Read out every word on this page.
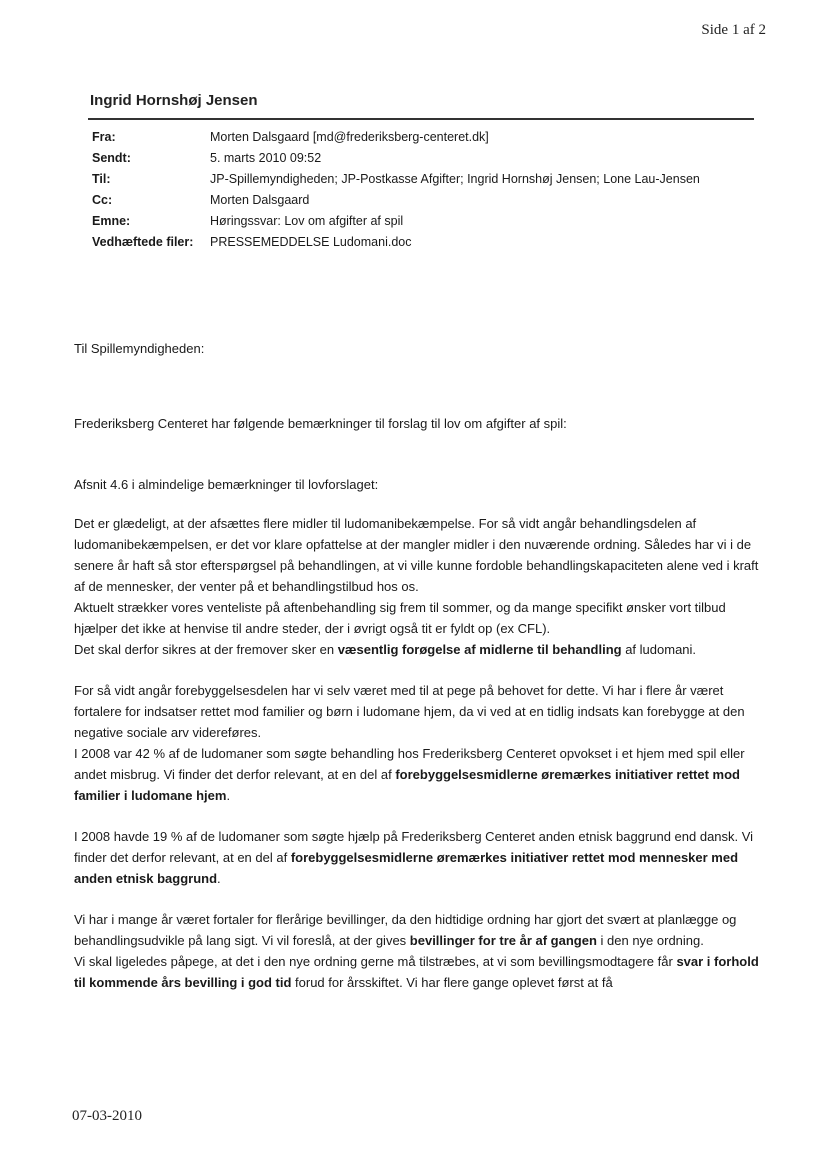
Side 1 af 2
Ingrid Hornshøj Jensen
Fra:	Morten Dalsgaard [md@frederiksberg-centeret.dk]
Sendt:	5. marts 2010 09:52
Til:	JP-Spillemyndigheden; JP-Postkasse Afgifter; Ingrid Hornshøj Jensen; Lone Lau-Jensen
Cc:	Morten Dalsgaard
Emne:	Høringssvar: Lov om afgifter af spil
Vedhæftede filer:	PRESSEMEDDELSE Ludomani.doc

Til Spillemyndigheden:

Frederiksberg Centeret har følgende bemærkninger til forslag til lov om afgifter af spil:

Afsnit 4.6 i almindelige bemærkninger til lovforslaget:

Det er glædeligt, at der afsættes flere midler til ludomanibekæmpelse. For så vidt angår behandlingsdelen af ludomanibekæmpelsen, er det vor klare opfattelse at der mangler midler i den nuværende ordning. Således har vi i de senere år haft så stor efterspørgsel på behandlingen, at vi ville kunne fordoble behandlingskapaciteten alene ved i kraft af de mennesker, der venter på et behandlingstilbud hos os.

Aktuelt strækker vores venteliste på aftenbehandling sig frem til sommer, og da mange specifikt ønsker vort tilbud hjælper det ikke at henvise til andre steder, der i øvrigt også tit er fyldt op (ex CFL).

Det skal derfor sikres at der fremover sker en væsentlig forøgelse af midlerne til behandling af ludomani.

For så vidt angår forebyggelsesdelen har vi selv været med til at pege på behovet for dette. Vi har i flere år været fortalere for indsatser rettet mod familier og børn i ludomane hjem, da vi ved at en tidlig indsats kan forebygge at den negative sociale arv videreføres.

I 2008 var 42 % af de ludomaner som søgte behandling hos Frederiksberg Centeret opvokset i et hjem med spil eller andet misbrug. Vi finder det derfor relevant, at en del af forebyggelsesmidlerne øremærkes initiativer rettet mod familier i ludomane hjem.

I 2008 havde 19 % af de ludomaner som søgte hjælp på Frederiksberg Centeret anden etnisk baggrund end dansk. Vi finder det derfor relevant, at en del af forebyggelsesmidlerne øremærkes initiativer rettet mod mennesker med anden etnisk baggrund.

Vi har i mange år været fortaler for flerårige bevillinger, da den hidtidige ordning har gjort det svært at planlægge og behandlingsudvikle på lang sigt. Vi vil foreslå, at der gives bevillinger for tre år af gangen i den nye ordning.

Vi skal ligeledes påpege, at det i den nye ordning gerne må tilstræbes, at vi som bevillingsmodtagere får svar i forhold til kommende års bevilling i god tid forud for årsskiftet. Vi har flere gange oplevet først at få

07-03-2010
